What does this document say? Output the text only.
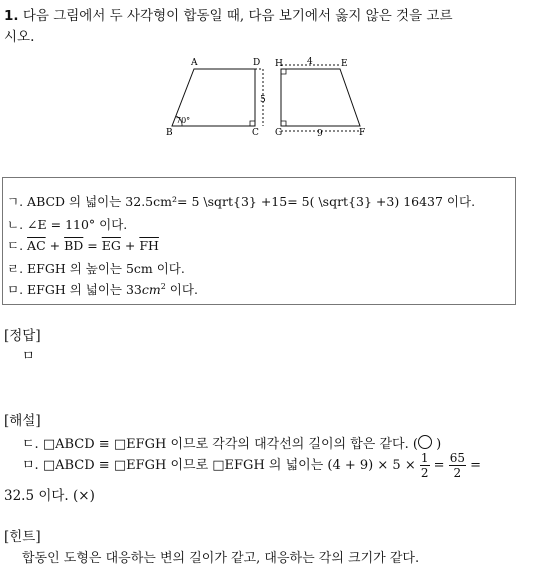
1. 다음 그림에서 두 사각형이 합동일 때, 다음 보기에서 옳지 않은 것을 고르
시오.
A	D
B	C
5
70°
H	E
G	F
4
9
ㄱ. ABCD 의 넓이는 32.5cm²= 5 \sqrt{3} +15= 5( \sqrt{3} +3) 16437 이다.
ㄴ. ∠E = 110° 이다.
ㄷ. $\overline{AC} + \overline{BD} = \overline{EG} + \overline{FH}$
ㄹ. EFGH 의 높이는 5cm 이다.
ㅁ. EFGH 의 넓이는 $33cm^2$ 이다.
[정답]
ㅁ
[해설]
ㄷ. □ABCD ≡ □EFGH 이므로 각각의 대각선의 길이의 합은 같다. (○ )
ㅁ. □ABCD ≡ □EFGH 이므로 □EFGH 의 넓이는 $(4 + 9) \times 5 \times \frac{1}{2} = \frac{65}{2}$ =
32.5 이다. (×)
[힌트]
합동인 도형은 대응하는 변의 길이가 같고, 대응하는 각의 크기가 같다.
